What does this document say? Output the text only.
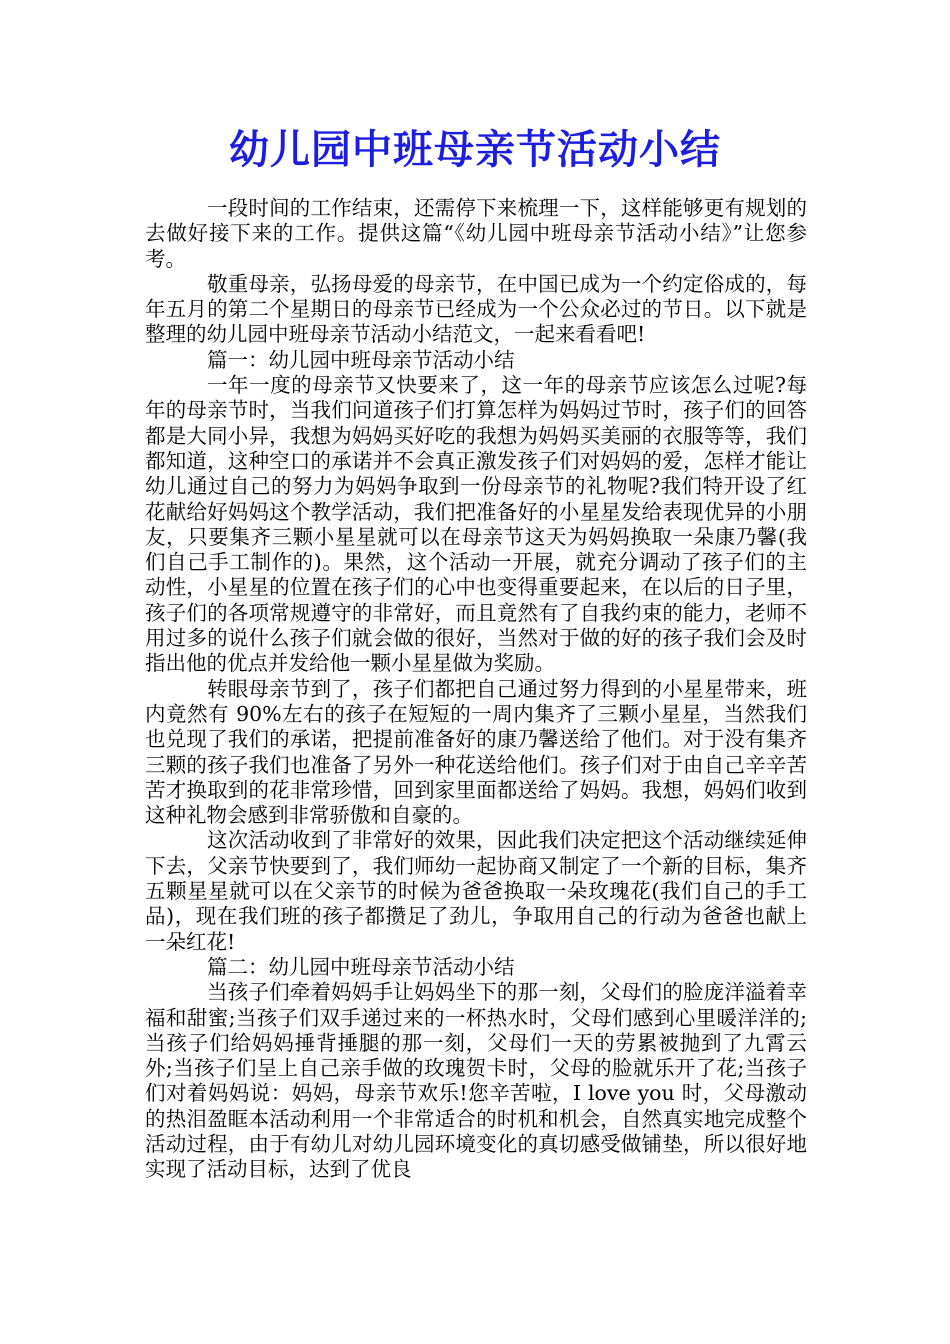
幼儿园中班母亲节活动小结

一段时间的工作结束，还需停下来梳理一下，这样能够更有规划的去做好接下来的工作。提供这篇“《幼儿园中班母亲节活动小结》”让您参考。

敬重母亲，弘扬母爱的母亲节，在中国已成为一个约定俗成的，每年五月的第二个星期日的母亲节已经成为一个公众必过的节日。以下就是整理的幼儿园中班母亲节活动小结范文，一起来看看吧!

篇一：幼儿园中班母亲节活动小结

一年一度的母亲节又快要来了，这一年的母亲节应该怎么过呢?每年的母亲节时，当我们问道孩子们打算怎样为妈妈过节时，孩子们的回答都是大同小异，我想为妈妈买好吃的我想为妈妈买美丽的衣服等等，我们都知道，这种空口的承诺并不会真正激发孩子们对妈妈的爱，怎样才能让幼儿通过自己的努力为妈妈争取到一份母亲节的礼物呢?我们特开设了红花献给好妈妈这个教学活动，我们把准备好的小星星发给表现优异的小朋友，只要集齐三颗小星星就可以在母亲节这天为妈妈换取一朵康乃馨(我们自己手工制作的)。果然，这个活动一开展，就充分调动了孩子们的主动性，小星星的位置在孩子们的心中也变得重要起来，在以后的日子里，孩子们的各项常规遵守的非常好，而且竟然有了自我约束的能力，老师不用过多的说什么孩子们就会做的很好，当然对于做的好的孩子我们会及时指出他的优点并发给他一颗小星星做为奖励。

转眼母亲节到了，孩子们都把自己通过努力得到的小星星带来，班内竟然有 90%左右的孩子在短短的一周内集齐了三颗小星星，当然我们也兑现了我们的承诺，把提前准备好的康乃馨送给了他们。对于没有集齐三颗的孩子我们也准备了另外一种花送给他们。孩子们对于由自己辛辛苦苦才换取到的花非常珍惜，回到家里面都送给了妈妈。我想，妈妈们收到这种礼物会感到非常骄傲和自豪的。

这次活动收到了非常好的效果，因此我们决定把这个活动继续延伸下去，父亲节快要到了，我们师幼一起协商又制定了一个新的目标，集齐五颗星星就可以在父亲节的时候为爸爸换取一朵玫瑰花(我们自己的手工品)，现在我们班的孩子都攒足了劲儿，争取用自己的行动为爸爸也献上一朵红花!

篇二：幼儿园中班母亲节活动小结

当孩子们牵着妈妈手让妈妈坐下的那一刻，父母们的脸庞洋溢着幸福和甜蜜;当孩子们双手递过来的一杯热水时，父母们感到心里暖洋洋的;当孩子们给妈妈捶背捶腿的那一刻，父母们一天的劳累被抛到了九霄云外;当孩子们呈上自己亲手做的玫瑰贺卡时，父母的脸就乐开了花;当孩子们对着妈妈说：妈妈，母亲节欢乐!您辛苦啦，I love you 时，父母激动的热泪盈眶本活动利用一个非常适合的时机和机会，自然真实地完成整个活动过程，由于有幼儿对幼儿园环境变化的真切感受做铺垫，所以很好地实现了活动目标，达到了优良
